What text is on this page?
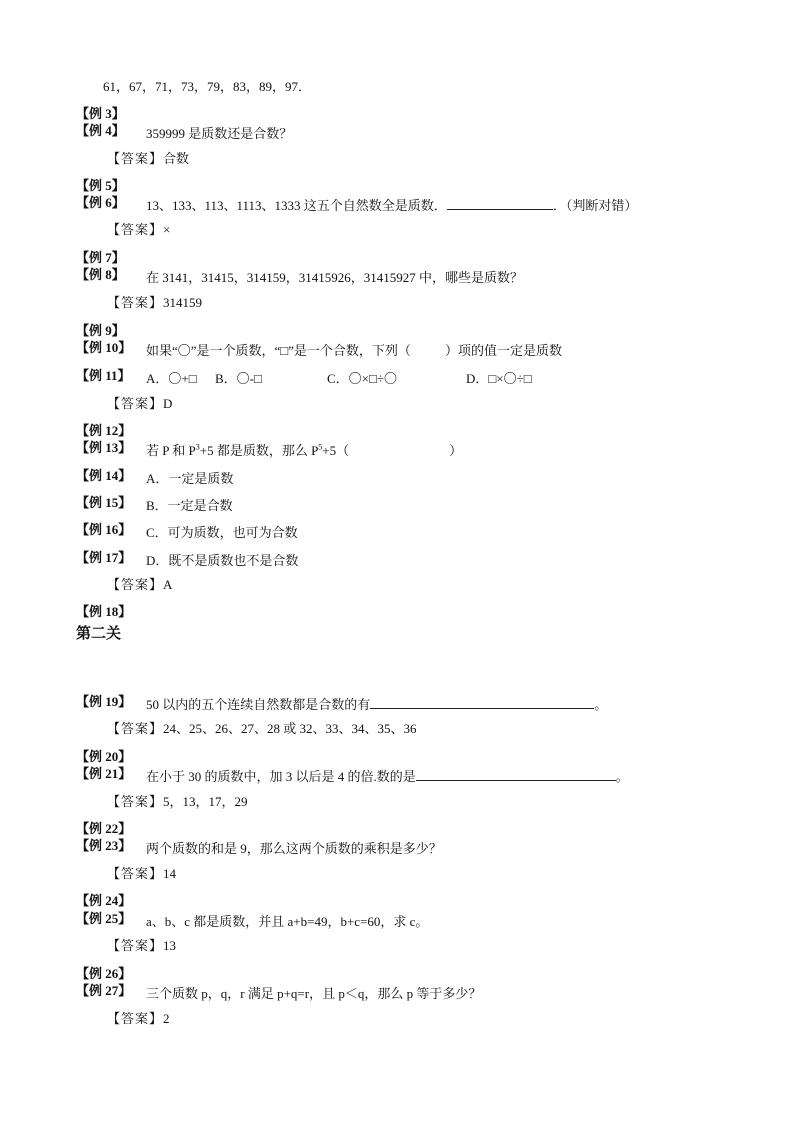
61，67，71，73，79，83，89，97．
【例 3】
【例 4】 359999 是质数还是合数？
【答案】合数
【例 5】
【例 6】 13、133、113、1113、1333 这五个自然数全是质数．	．（判断对错）
【答案】×
【例 7】
【例 8】 在 3141，31415，314159，31415926，31415927 中，哪些是质数？
【答案】314159
【例 9】
【例 10】 如果“〇”是一个质数，“□”是一个合数，下列（	）项的值一定是质数
【例 11】 A．〇+□ B．〇-□	C．〇×□÷〇	D．□×〇÷□
【答案】D
【例 12】
【例 13】 若 P 和 $P^3+5$ 都是质数，那么 $P^5+5$（	）
【例 14】 A．一定是质数
【例 15】 B．一定是合数
【例 16】 C．可为质数，也可为合数
【例 17】 D．既不是质数也不是合数
【答案】A
【例 18】
第二关
【例 19】 50 以内的五个连续自然数都是合数的有	。
【答案】24、25、26、27、28 或 32、33、34、35、36
【例 20】
【例 21】 在小于 30 的质数中，加 3 以后是 4 的倍.数的是	。
【答案】5，13，17，29
【例 22】
【例 23】 两个质数的和是 9，那么这两个质数的乘积是多少？
【答案】14
【例 24】
【例 25】 a、b、c 都是质数，并且 a+b=49，b+c=60，求 c。
【答案】13
【例 26】
【例 27】 三个质数 p，q，r 满足 p+q=r，且 p＜q，那么 p 等于多少？
【答案】2
